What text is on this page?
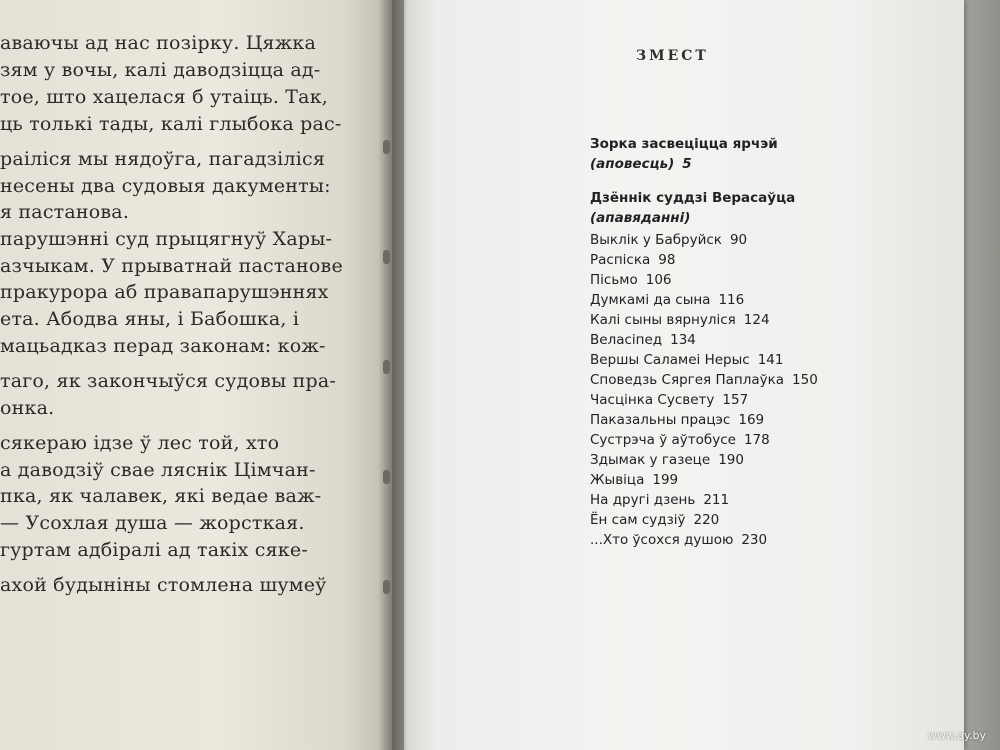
аваючы ад нас позірку. Цяжка
зям у вочы, калі даводзіцца ад-
тое, што хацелася б утаіць. Так,
ць толькі тады, калі глыбока рас-
раіліся мы нядоўга, пагадзіліся
несены два судовыя дакументы:
я пастанова.
парушэнні суд прыцягнуў Хары-
азчыкам. У прыватнай пастанове
пракурора аб правапарушэннях
ета. Абодва яны, і Бабошка, і
мацьадказ перад законам: кож-
таго, як закончыўся судовы пра-
онка.
сякераю ідзе ў лес той, хто
а даводзіў свае ляснік Цімчан-
пка, як чалавек, які ведае важ-
— Усохлая душа — жорсткая.
гуртам адбіралі ад такіх сяке-
ахой будыніны стомлена шумеў
ЗМЕСТ
Зорка засвеціцца ярчэй
(аповесць) 5
Дзённік суддзі Верасаўца
(апавяданні)
Выклік у Бабруйск 90
Распіска 98
Пісьмо 106
Думкамі да сына 116
Калі сыны вярнуліся 124
Веласіпед 134
Вершы Саламеі Нерыс 141
Споведзь Сяргея Паплаўка 150
Часцінка Сусвету 157
Паказальны працэс 169
Сустрэча ў аўтобусе 178
Здымак у газеце 190
Жывіца 199
На другі дзень 211
Ён сам судзіў 220
...Хто ўсохся душою 230
www.ay.by
